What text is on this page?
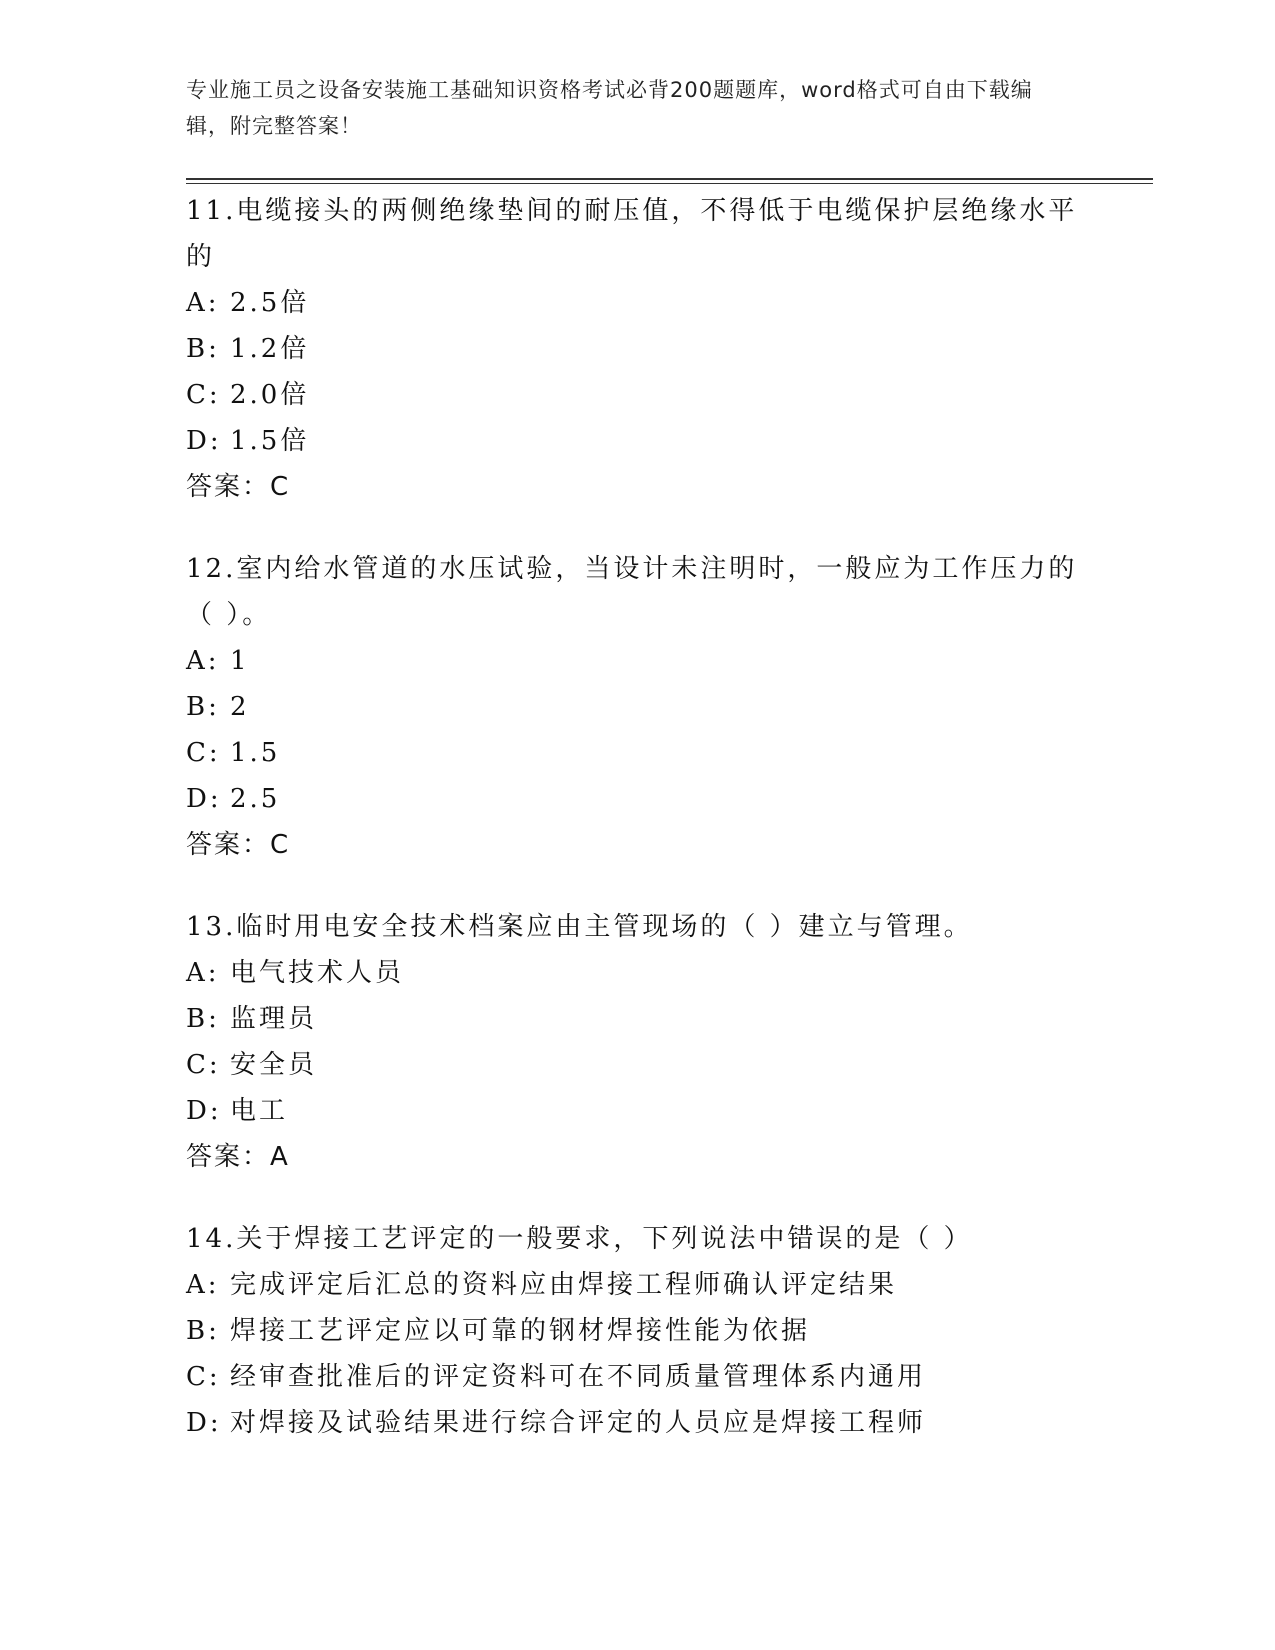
专业施工员之设备安装施工基础知识资格考试必背200题题库，word格式可自由下载编辑，附完整答案！

11.电缆接头的两侧绝缘垫间的耐压值，不得低于电缆保护层绝缘水平的

A: 2.5倍

B: 1.2倍

C: 2.0倍

D: 1.5倍

答案：C

12.室内给水管道的水压试验，当设计未注明时，一般应为工作压力的（ ）。

A: 1

B: 2

C: 1.5

D: 2.5

答案：C

13.临时用电安全技术档案应由主管现场的（ ）建立与管理。

A: 电气技术人员

B: 监理员

C: 安全员

D: 电工

答案：A

14.关于焊接工艺评定的一般要求，下列说法中错误的是（ ）

A: 完成评定后汇总的资料应由焊接工程师确认评定结果

B: 焊接工艺评定应以可靠的钢材焊接性能为依据

C: 经审查批准后的评定资料可在不同质量管理体系内通用

D: 对焊接及试验结果进行综合评定的人员应是焊接工程师
